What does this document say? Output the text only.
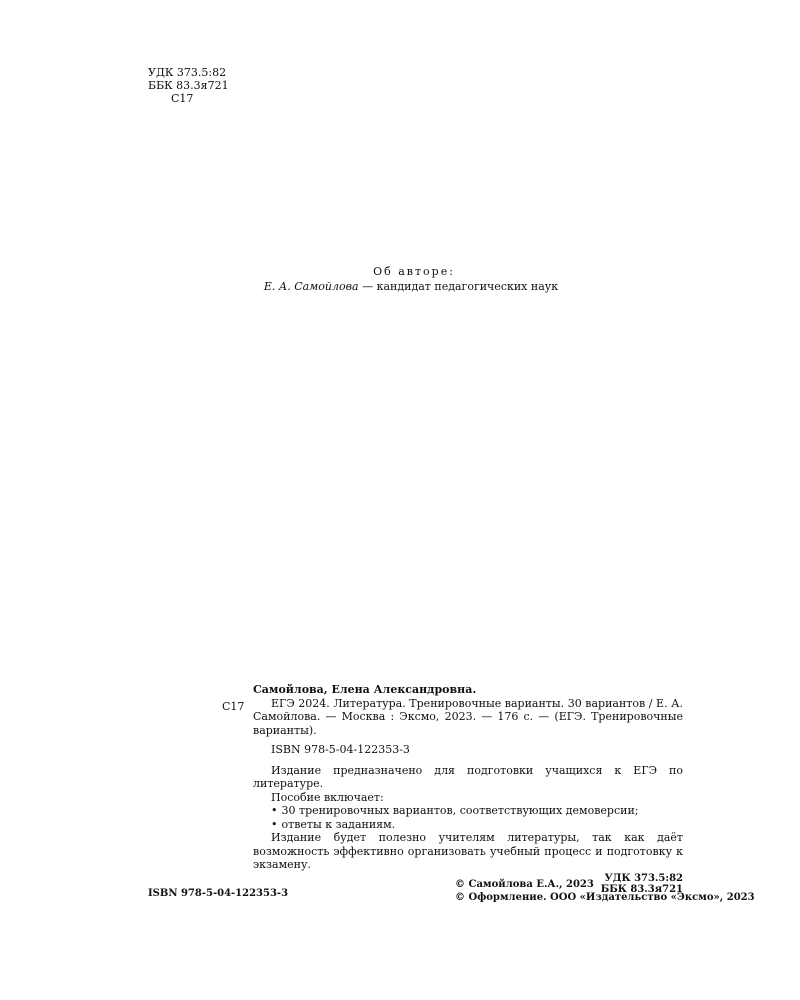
УДК 373.5:82
ББК 83.3я721
С17
Об авторе:
Е. А. Самойлова — кандидат педагогических наук
С17
Самойлова, Елена Александровна.
ЕГЭ 2024. Литература. Тренировочные варианты. 30 вариантов / Е. А. Самойлова. — Москва : Эксмо, 2023. — 176 с. — (ЕГЭ. Тренировочные варианты).
ISBN 978-5-04-122353-3
Издание предназначено для подготовки учащихся к ЕГЭ по литературе.
Пособие включает:
• 30 тренировочных вариантов, соответствующих демоверсии;
• ответы к заданиям.
Издание будет полезно учителям литературы, так как даёт возможность эффективно организовать учебный процесс и подготовку к экзамену.
УДК 373.5:82
ББК 83.3я721
ISBN 978-5-04-122353-3
© Самойлова Е.А., 2023
© Оформление. ООО «Издательство «Эксмо», 2023
